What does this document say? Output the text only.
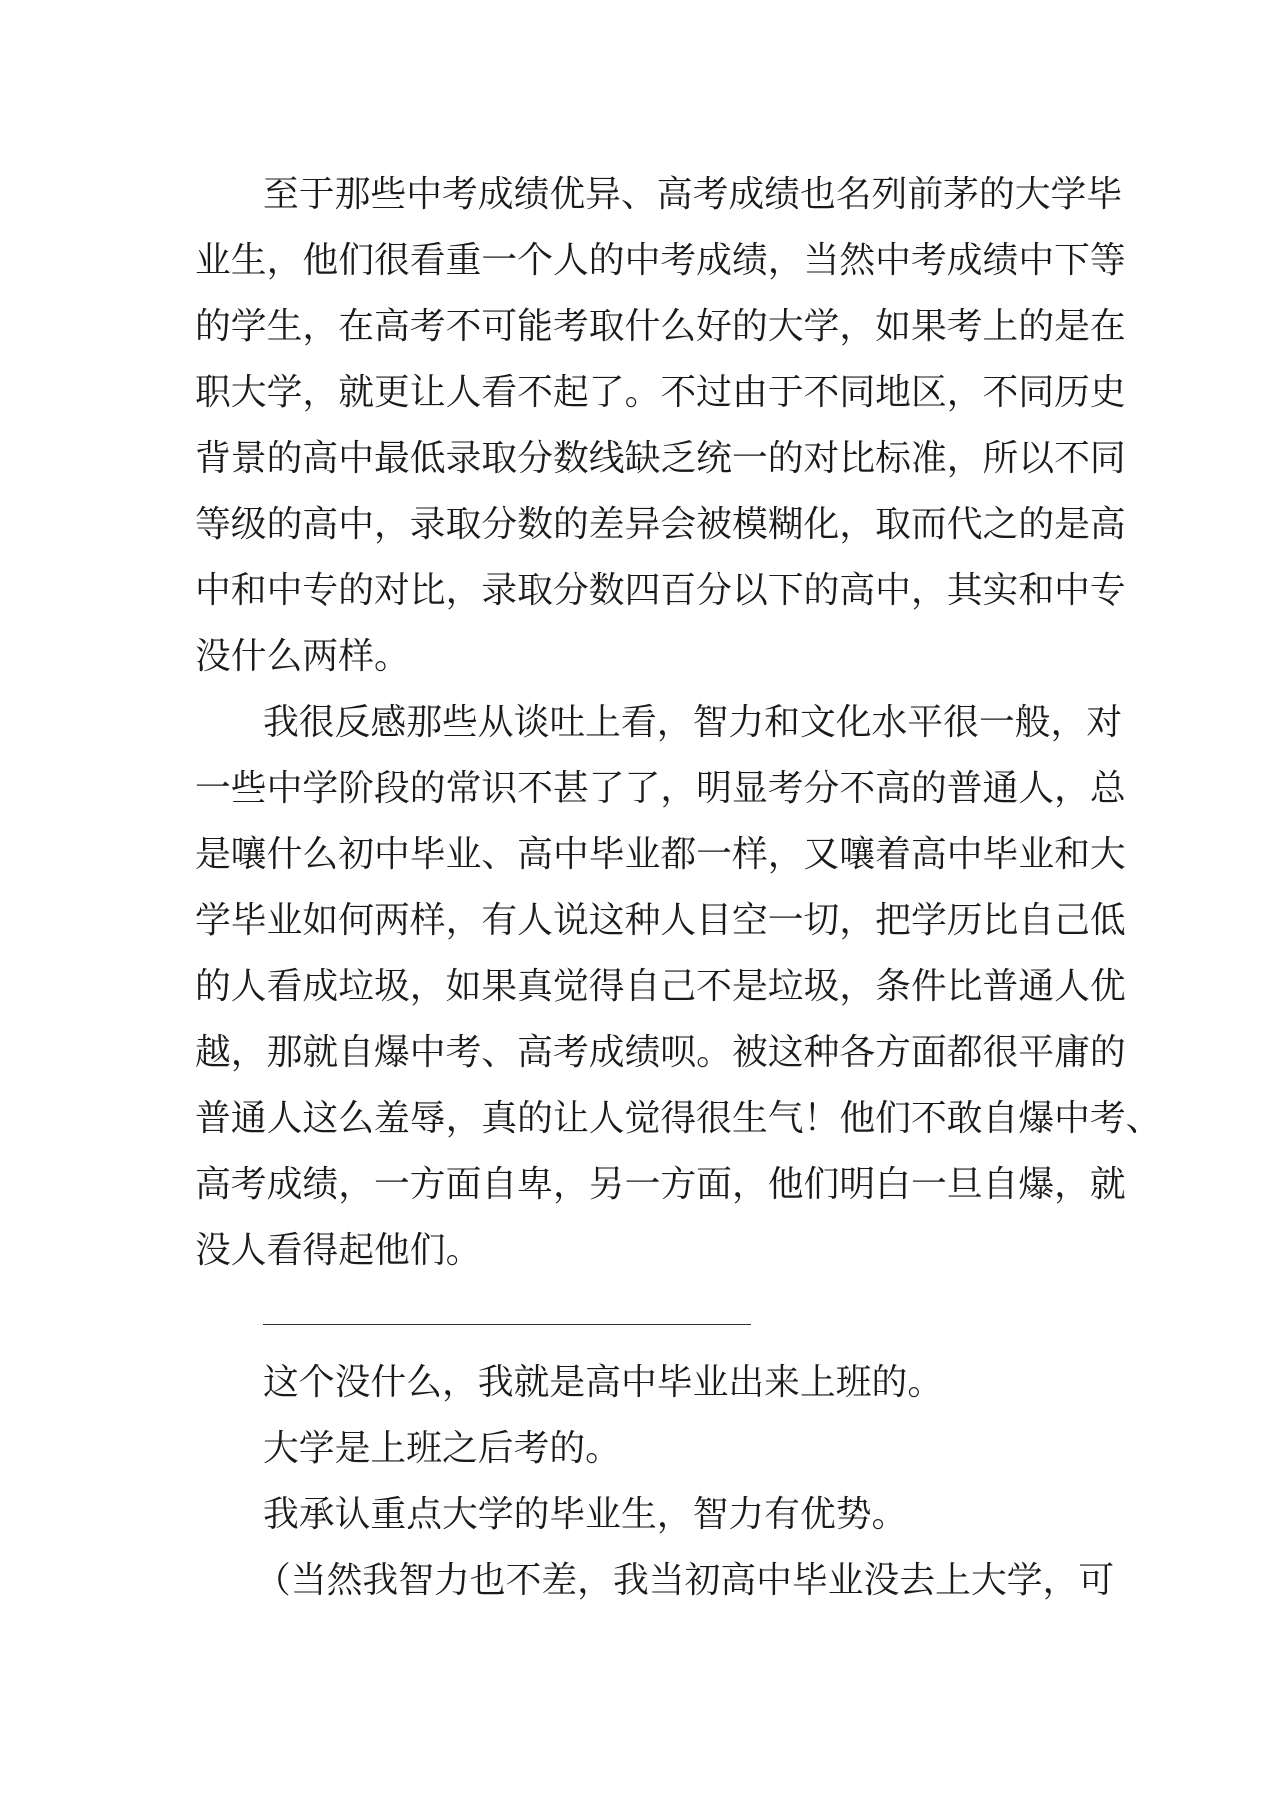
至于那些中考成绩优异、高考成绩也名列前茅的大学毕
业生，他们很看重一个人的中考成绩，当然中考成绩中下等
的学生，在高考不可能考取什么好的大学，如果考上的是在
职大学，就更让人看不起了。不过由于不同地区，不同历史
背景的高中最低录取分数线缺乏统一的对比标准，所以不同
等级的高中，录取分数的差异会被模糊化，取而代之的是高
中和中专的对比，录取分数四百分以下的高中，其实和中专
没什么两样。
我很反感那些从谈吐上看，智力和文化水平很一般，对
一些中学阶段的常识不甚了了，明显考分不高的普通人，总
是嚷什么初中毕业、高中毕业都一样，又嚷着高中毕业和大
学毕业如何两样，有人说这种人目空一切，把学历比自己低
的人看成垃圾，如果真觉得自己不是垃圾，条件比普通人优
越，那就自爆中考、高考成绩呗。被这种各方面都很平庸的
普通人这么羞辱，真的让人觉得很生气！他们不敢自爆中考、
高考成绩，一方面自卑，另一方面，他们明白一旦自爆，就
没人看得起他们。
这个没什么，我就是高中毕业出来上班的。
大学是上班之后考的。
我承认重点大学的毕业生，智力有优势。
（当然我智力也不差，我当初高中毕业没去上大学，可
